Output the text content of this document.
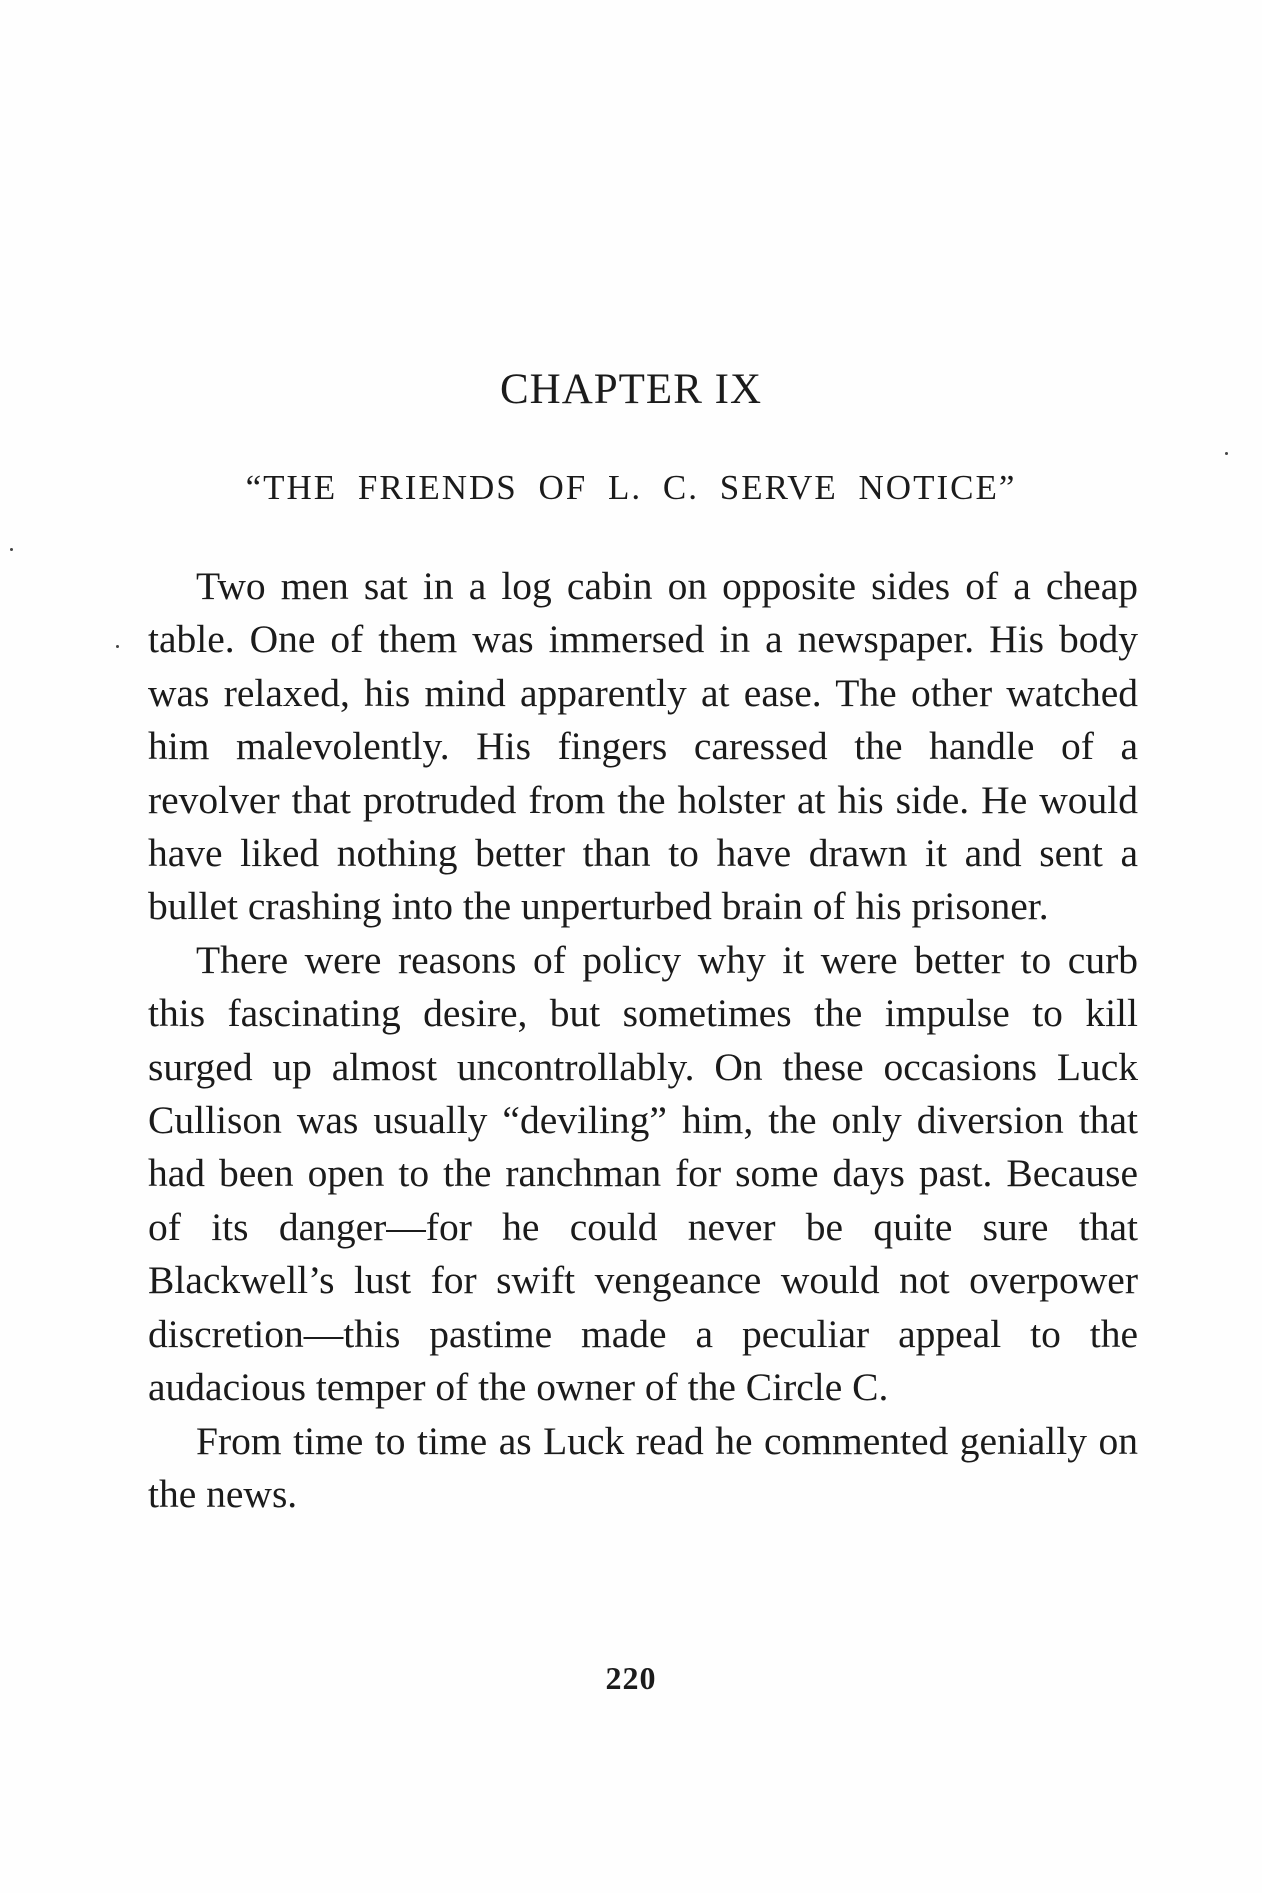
CHAPTER IX
“THE FRIENDS OF L. C. SERVE NOTICE”

Two men sat in a log cabin on opposite sides of a cheap table. One of them was immersed in a newspaper. His body was relaxed, his mind apparently at ease. The other watched him malevolently. His fingers caressed the handle of a revolver that protruded from the holster at his side. He would have liked nothing better than to have drawn it and sent a bullet crashing into the unperturbed brain of his prisoner.

There were reasons of policy why it were better to curb this fascinating desire, but sometimes the impulse to kill surged up almost uncontrollably. On these occasions Luck Cullison was usually “deviling” him, the only diversion that had been open to the ranchman for some days past. Because of its danger—for he could never be quite sure that Blackwell’s lust for swift vengeance would not overpower discretion—this pastime made a peculiar appeal to the audacious temper of the owner of the Circle C.

From time to time as Luck read he commented genially on the news.

220
